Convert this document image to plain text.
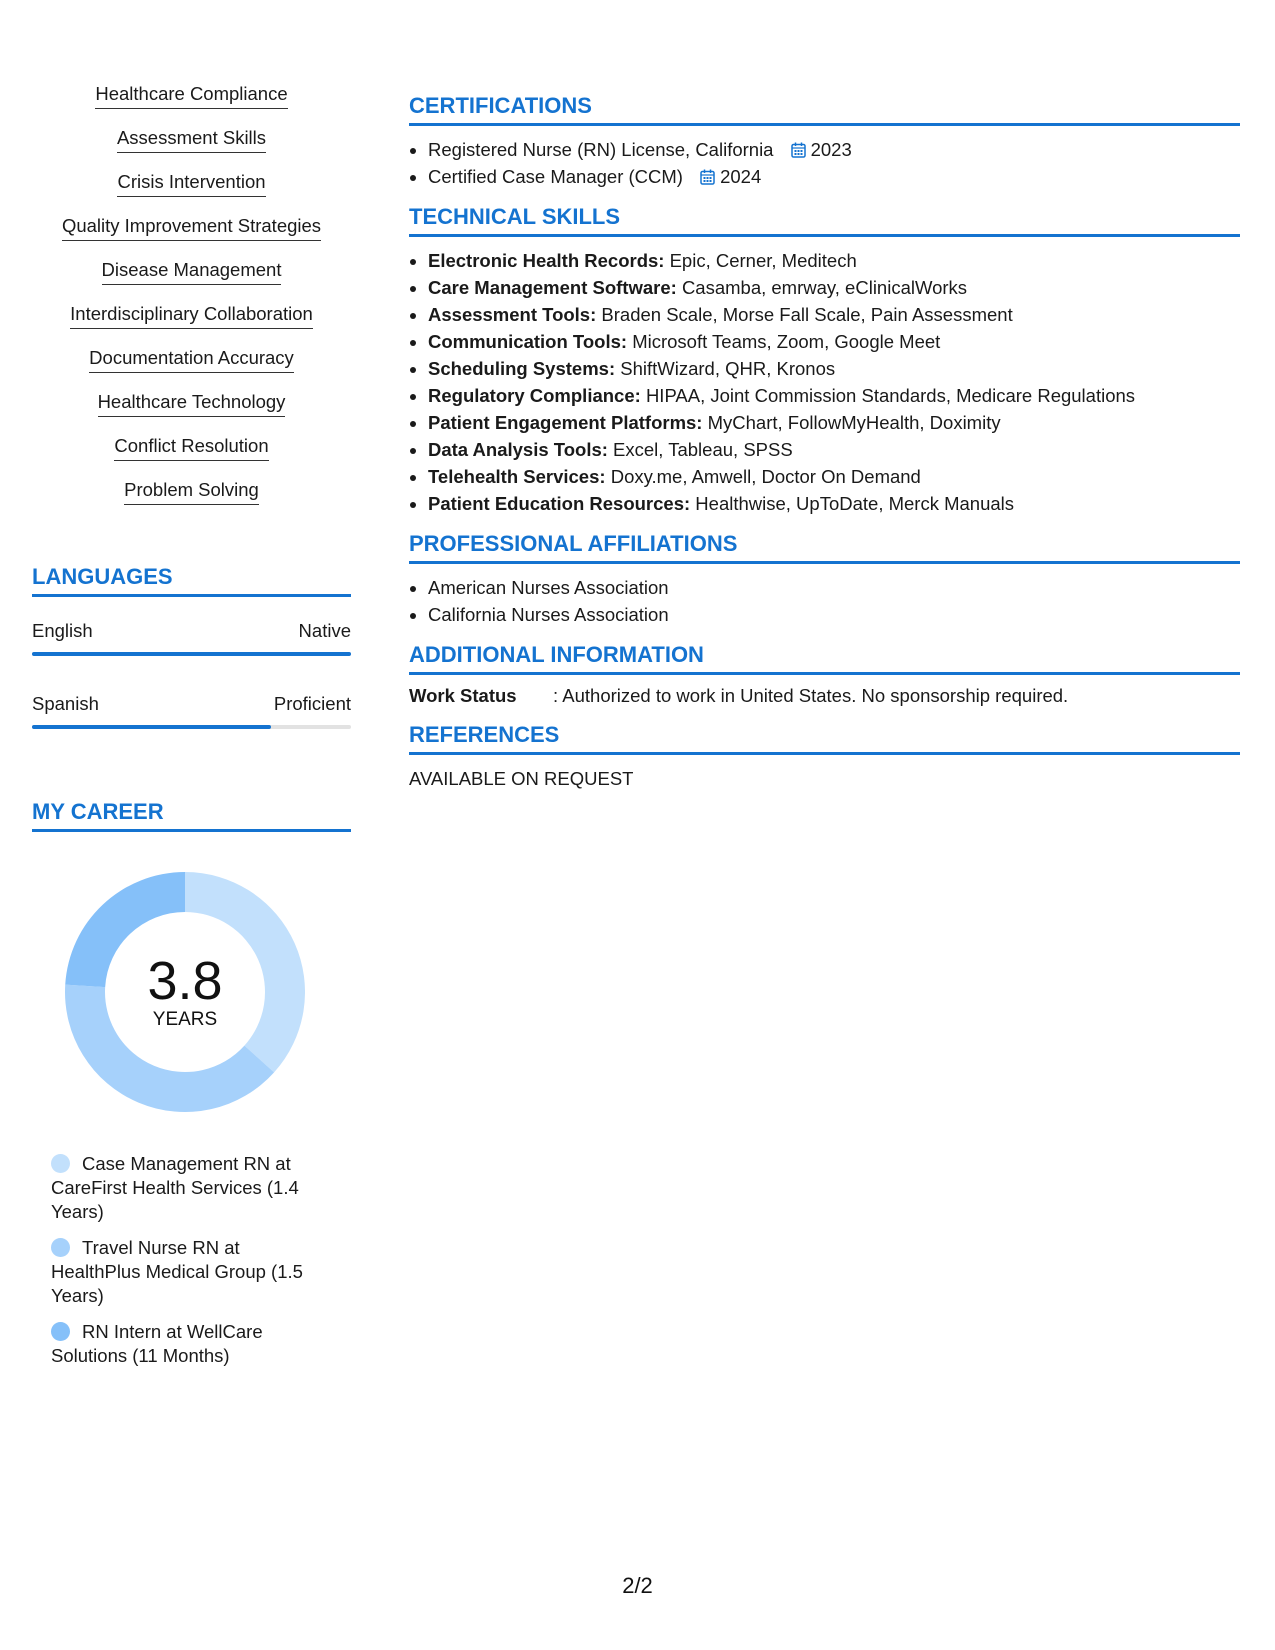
Healthcare Compliance
Assessment Skills
Crisis Intervention
Quality Improvement Strategies
Disease Management
Interdisciplinary Collaboration
Documentation Accuracy
Healthcare Technology
Conflict Resolution
Problem Solving
LANGUAGES
English	Native
Spanish	Proficient
MY CAREER
3.8
YEARS
Case Management RN at CareFirst Health Services (1.4 Years)
Travel Nurse RN at HealthPlus Medical Group (1.5 Years)
RN Intern at WellCare Solutions (11 Months)
CERTIFICATIONS
• Registered Nurse (RN) License, California 2023
• Certified Case Manager (CCM) 2024
TECHNICAL SKILLS
• Electronic Health Records: Epic, Cerner, Meditech
• Care Management Software: Casamba, emrway, eClinicalWorks
• Assessment Tools: Braden Scale, Morse Fall Scale, Pain Assessment
• Communication Tools: Microsoft Teams, Zoom, Google Meet
• Scheduling Systems: ShiftWizard, QHR, Kronos
• Regulatory Compliance: HIPAA, Joint Commission Standards, Medicare Regulations
• Patient Engagement Platforms: MyChart, FollowMyHealth, Doximity
• Data Analysis Tools: Excel, Tableau, SPSS
• Telehealth Services: Doxy.me, Amwell, Doctor On Demand
• Patient Education Resources: Healthwise, UpToDate, Merck Manuals
PROFESSIONAL AFFILIATIONS
• American Nurses Association
• California Nurses Association
ADDITIONAL INFORMATION
Work Status	: Authorized to work in United States. No sponsorship required.
REFERENCES
AVAILABLE ON REQUEST
2/2
